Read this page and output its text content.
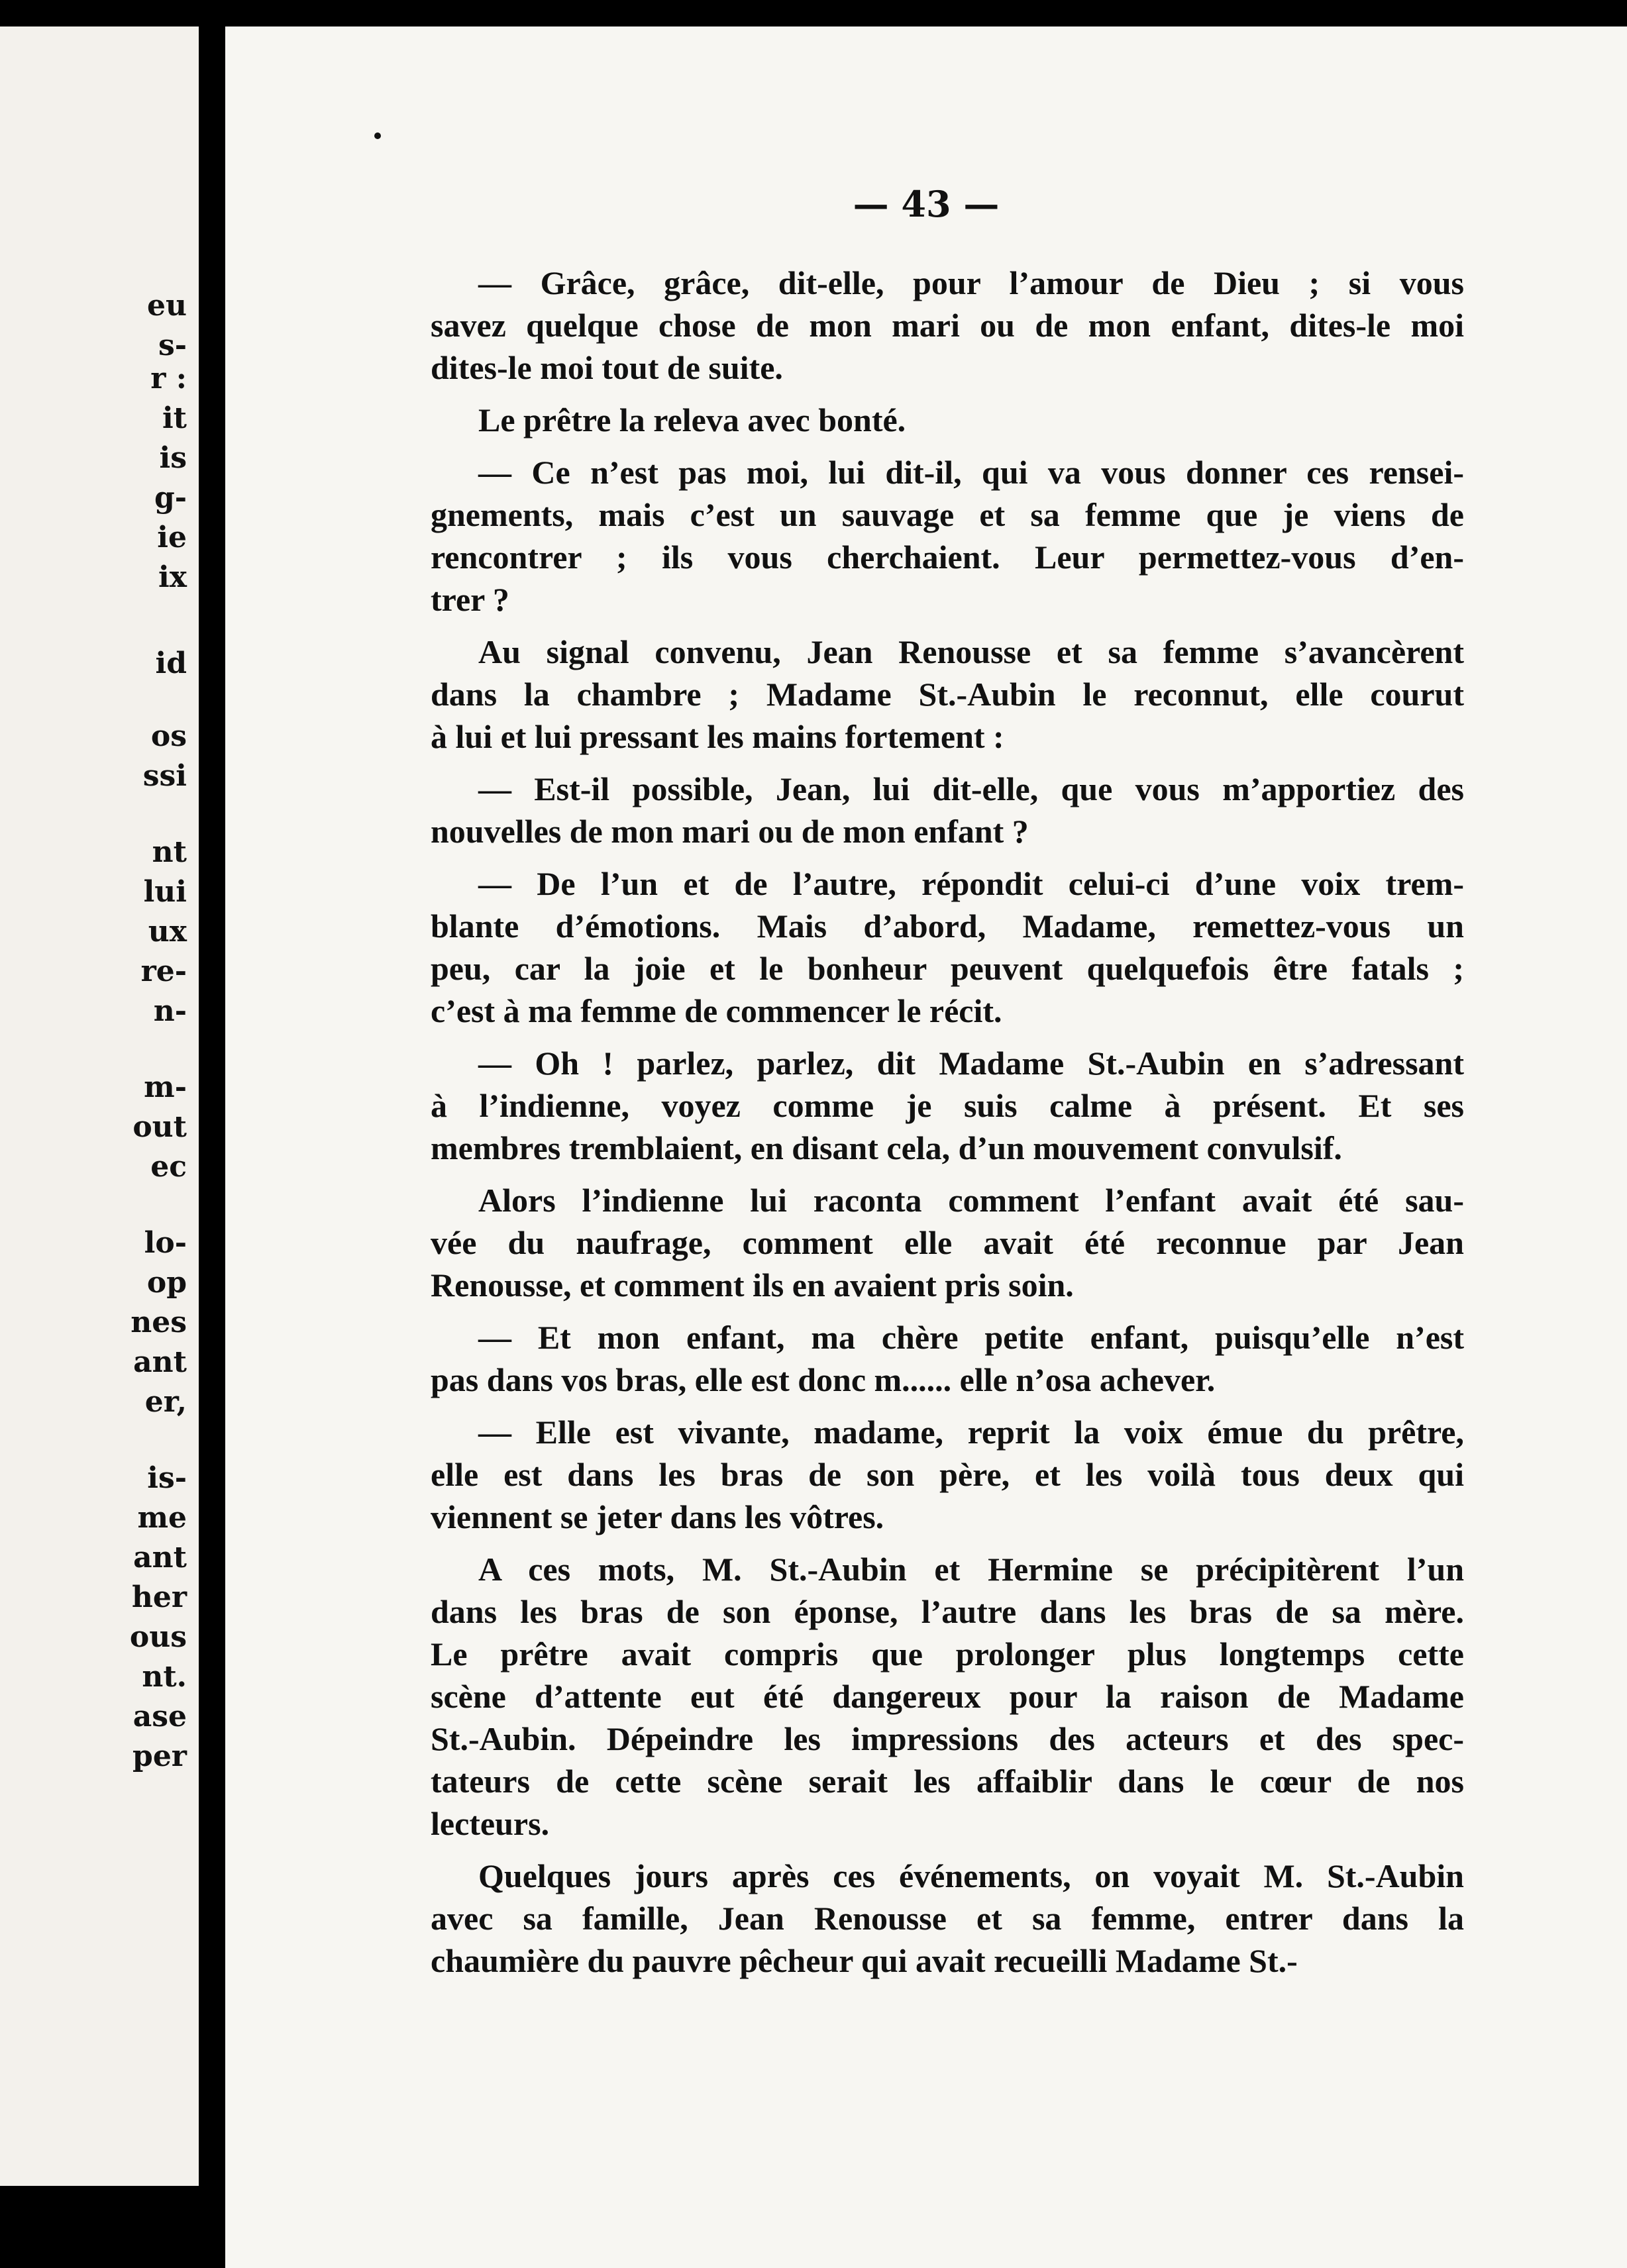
eu
s-
r :
it
is
g-
ie
ix
id
os
ssi
nt
lui
ux
re-
n-
m-
out
ec
lo-
op
nes
ant
er,
is-
me
ant
her
ous
nt.
ase
per
— 43 —
— Grâce, grâce, dit-elle, pour l’amour de Dieu ; si vous
savez quelque chose de mon mari ou de mon enfant, dites-le moi
dites-le moi tout de suite.
Le prêtre la releva avec bonté.
— Ce n’est pas moi, lui dit-il, qui va vous donner ces rensei-
gnements, mais c’est un sauvage et sa femme que je viens de
rencontrer ; ils vous cherchaient. Leur permettez-vous d’en-
trer ?
Au signal convenu, Jean Renousse et sa femme s’avancèrent
dans la chambre ; Madame St.-Aubin le reconnut, elle courut
à lui et lui pressant les mains fortement :
— Est-il possible, Jean, lui dit-elle, que vous m’apportiez des
nouvelles de mon mari ou de mon enfant ?
— De l’un et de l’autre, répondit celui-ci d’une voix trem-
blante d’émotions. Mais d’abord, Madame, remettez-vous un
peu, car la joie et le bonheur peuvent quelquefois être fatals ;
c’est à ma femme de commencer le récit.
— Oh ! parlez, parlez, dit Madame St.-Aubin en s’adressant
à l’indienne, voyez comme je suis calme à présent. Et ses
membres tremblaient, en disant cela, d’un mouvement convulsif.
Alors l’indienne lui raconta comment l’enfant avait été sau-
vée du naufrage, comment elle avait été reconnue par Jean
Renousse, et comment ils en avaient pris soin.
— Et mon enfant, ma chère petite enfant, puisqu’elle n’est
pas dans vos bras, elle est donc m...... elle n’osa achever.
— Elle est vivante, madame, reprit la voix émue du prêtre,
elle est dans les bras de son père, et les voilà tous deux qui
viennent se jeter dans les vôtres.
A ces mots, M. St.-Aubin et Hermine se précipitèrent l’un
dans les bras de son éponse, l’autre dans les bras de sa mère.
Le prêtre avait compris que prolonger plus longtemps cette
scène d’attente eut été dangereux pour la raison de Madame
St.-Aubin. Dépeindre les impressions des acteurs et des spec-
tateurs de cette scène serait les affaiblir dans le cœur de nos
lecteurs.
Quelques jours après ces événements, on voyait M. St.-Aubin
avec sa famille, Jean Renousse et sa femme, entrer dans la
chaumière du pauvre pêcheur qui avait recueilli Madame St.-
